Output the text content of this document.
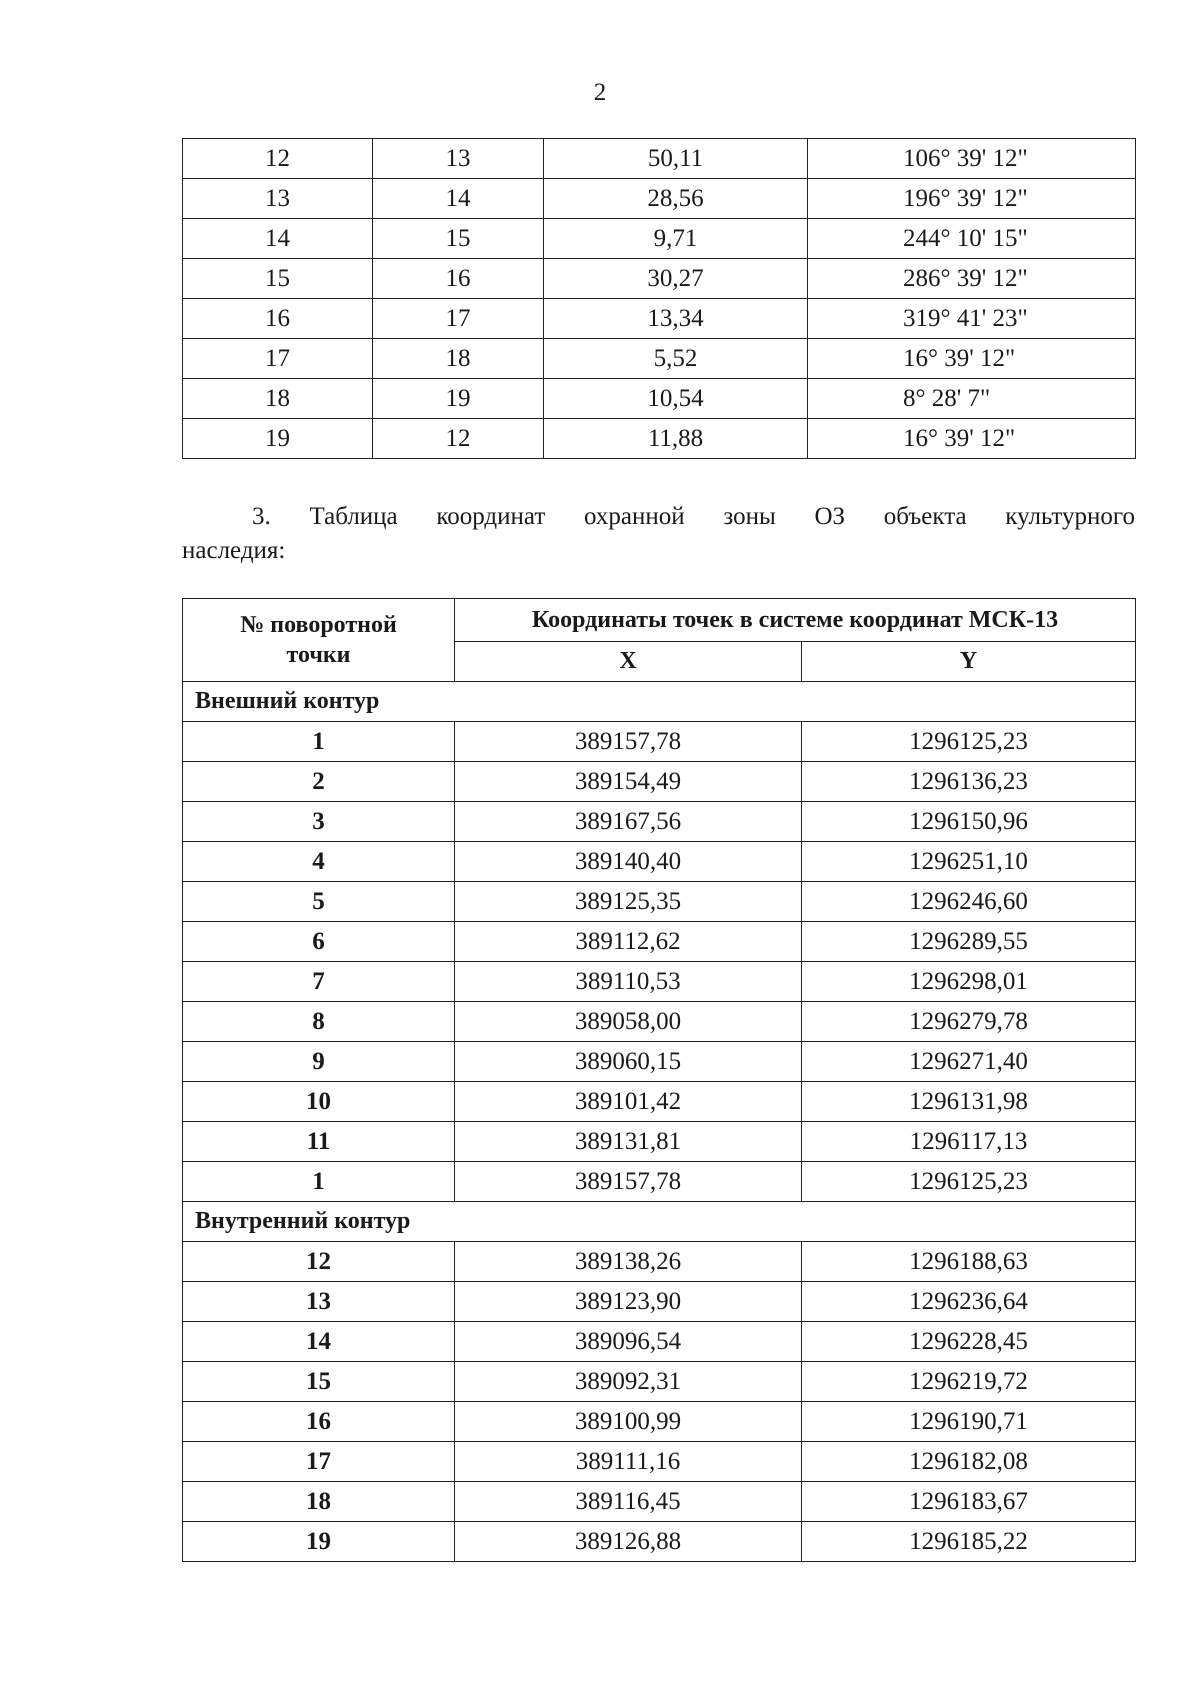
2
12	13	50,11	106° 39' 12"
13	14	28,56	196° 39' 12"
14	15	9,71	244° 10' 15"
15	16	30,27	286° 39' 12"
16	17	13,34	319° 41' 23"
17	18	5,52	16° 39' 12"
18	19	10,54	8° 28' 7"
19	12	11,88	16° 39' 12"
3. Таблица координат охранной зоны ОЗ объекта культурного
наследия:
№ поворотной точки	Координаты точек в системе координат МСК-13	
	X	Y
Внешний контур		
1	389157,78	1296125,23
2	389154,49	1296136,23
3	389167,56	1296150,96
4	389140,40	1296251,10
5	389125,35	1296246,60
6	389112,62	1296289,55
7	389110,53	1296298,01
8	389058,00	1296279,78
9	389060,15	1296271,40
10	389101,42	1296131,98
11	389131,81	1296117,13
1	389157,78	1296125,23
Внутренний контур		
12	389138,26	1296188,63
13	389123,90	1296236,64
14	389096,54	1296228,45
15	389092,31	1296219,72
16	389100,99	1296190,71
17	389111,16	1296182,08
18	389116,45	1296183,67
19	389126,88	1296185,22
